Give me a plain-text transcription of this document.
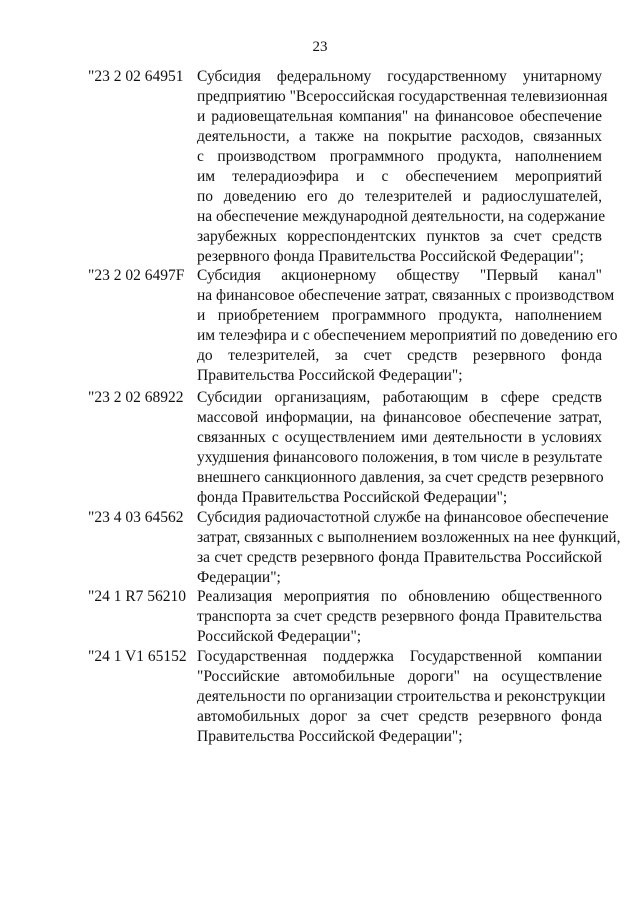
23
"23 2 02 64951 Субсидия федеральному государственному унитарному
предприятию "Всероссийская государственная телевизионная
и радиовещательная компания" на финансовое обеспечение
деятельности, а также на покрытие расходов, связанных
с производством программного продукта, наполнением
им телерадиоэфира и с обеспечением мероприятий
по доведению его до телезрителей и радиослушателей,
на обеспечение международной деятельности, на содержание
зарубежных корреспондентских пунктов за счет средств
резервного фонда Правительства Российской Федерации";
"23 2 02 6497F Субсидия акционерному обществу "Первый канал"
на финансовое обеспечение затрат, связанных с производством
и приобретением программного продукта, наполнением
им телеэфира и с обеспечением мероприятий по доведению его
до телезрителей, за счет средств резервного фонда
Правительства Российской Федерации";
"23 2 02 68922 Субсидии организациям, работающим в сфере средств
массовой информации, на финансовое обеспечение затрат,
связанных с осуществлением ими деятельности в условиях
ухудшения финансового положения, в том числе в результате
внешнего санкционного давления, за счет средств резервного
фонда Правительства Российской Федерации";
"23 4 03 64562 Субсидия радиочастотной службе на финансовое обеспечение
затрат, связанных с выполнением возложенных на нее функций,
за счет средств резервного фонда Правительства Российской
Федерации";
"24 1 R7 56210 Реализация мероприятия по обновлению общественного
транспорта за счет средств резервного фонда Правительства
Российской Федерации";
"24 1 V1 65152 Государственная поддержка Государственной компании
"Российские автомобильные дороги" на осуществление
деятельности по организации строительства и реконструкции
автомобильных дорог за счет средств резервного фонда
Правительства Российской Федерации";
